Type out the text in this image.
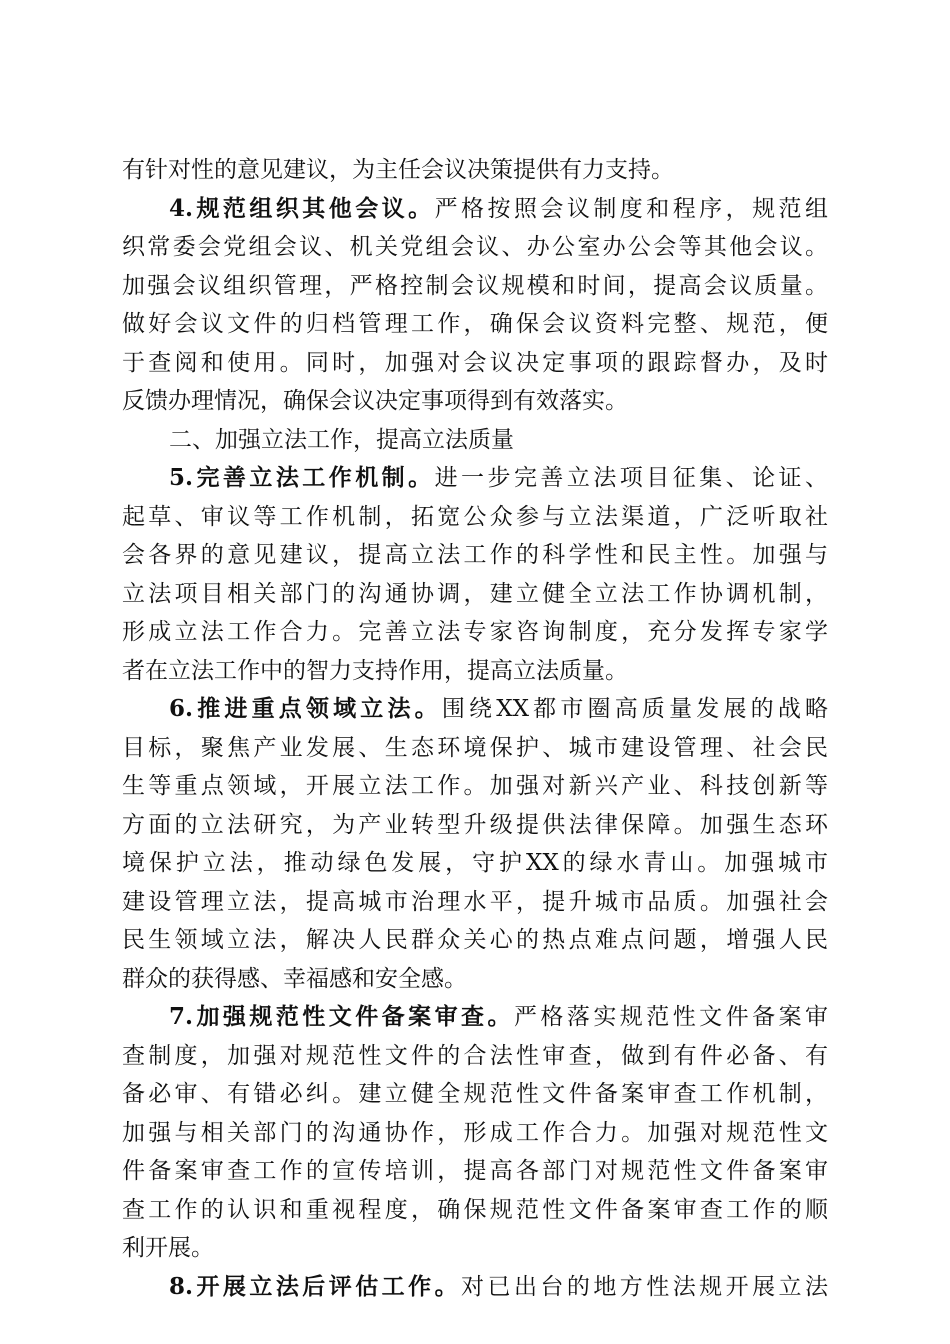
有针对性的意见建议，为主任会议决策提供有力支持。
4.规范组织其他会议。严格按照会议制度和程序，规范组
织常委会党组会议、机关党组会议、办公室办公会等其他会议。
加强会议组织管理，严格控制会议规模和时间，提高会议质量。
做好会议文件的归档管理工作，确保会议资料完整、规范，便
于查阅和使用。同时，加强对会议决定事项的跟踪督办，及时
反馈办理情况，确保会议决定事项得到有效落实。
二、加强立法工作，提高立法质量
5.完善立法工作机制。进一步完善立法项目征集、论证、
起草、审议等工作机制，拓宽公众参与立法渠道，广泛听取社
会各界的意见建议，提高立法工作的科学性和民主性。加强与
立法项目相关部门的沟通协调，建立健全立法工作协调机制，
形成立法工作合力。完善立法专家咨询制度，充分发挥专家学
者在立法工作中的智力支持作用，提高立法质量。
6.推进重点领域立法。围绕XX都市圈高质量发展的战略
目标，聚焦产业发展、生态环境保护、城市建设管理、社会民
生等重点领域，开展立法工作。加强对新兴产业、科技创新等
方面的立法研究，为产业转型升级提供法律保障。加强生态环
境保护立法，推动绿色发展，守护XX的绿水青山。加强城市
建设管理立法，提高城市治理水平，提升城市品质。加强社会
民生领域立法，解决人民群众关心的热点难点问题，增强人民
群众的获得感、幸福感和安全感。
7.加强规范性文件备案审查。严格落实规范性文件备案审
查制度，加强对规范性文件的合法性审查，做到有件必备、有
备必审、有错必纠。建立健全规范性文件备案审查工作机制，
加强与相关部门的沟通协作，形成工作合力。加强对规范性文
件备案审查工作的宣传培训，提高各部门对规范性文件备案审
查工作的认识和重视程度，确保规范性文件备案审查工作的顺
利开展。
8.开展立法后评估工作。对已出台的地方性法规开展立法
